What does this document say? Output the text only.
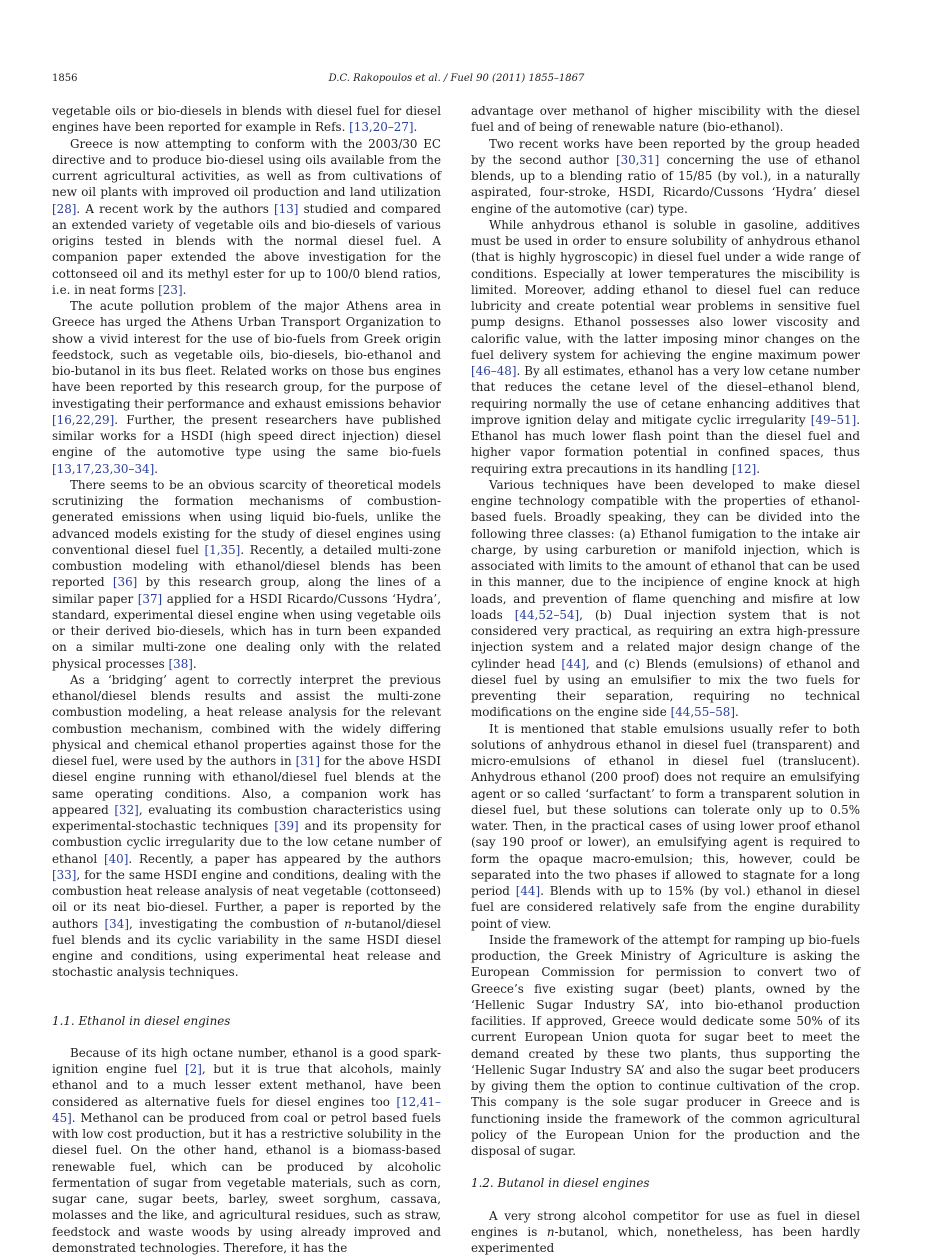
1856	D.C. Rakopoulos et al. / Fuel 90 (2011) 1855–1867

vegetable oils or bio-diesels in blends with diesel fuel for diesel engines have been reported for example in Refs. [13,20–27].

Greece is now attempting to conform with the 2003/30 EC directive and to produce bio-diesel using oils available from the current agricultural activities, as well as from cultivations of new oil plants with improved oil production and land utilization [28]. A recent work by the authors [13] studied and compared an extended variety of vegetable oils and bio-diesels of various origins tested in blends with the normal diesel fuel. A companion paper extended the above investigation for the cottonseed oil and its methyl ester for up to 100/0 blend ratios, i.e. in neat forms [23].

The acute pollution problem of the major Athens area in Greece has urged the Athens Urban Transport Organization to show a vivid interest for the use of bio-fuels from Greek origin feedstock, such as vegetable oils, bio-diesels, bio-ethanol and bio-butanol in its bus fleet. Related works on those bus engines have been reported by this research group, for the purpose of investigating their performance and exhaust emissions behavior [16,22,29]. Further, the present researchers have published similar works for a HSDI (high speed direct injection) diesel engine of the automotive type using the same bio-fuels [13,17,23,30–34].

There seems to be an obvious scarcity of theoretical models scrutinizing the formation mechanisms of combustion-generated emissions when using liquid bio-fuels, unlike the advanced models existing for the study of diesel engines using conventional diesel fuel [1,35]. Recently, a detailed multi-zone combustion modeling with ethanol/diesel blends has been reported [36] by this research group, along the lines of a similar paper [37] applied for a HSDI Ricardo/Cussons ‘Hydra’, standard, experimental diesel engine when using vegetable oils or their derived bio-diesels, which has in turn been expanded on a similar multi-zone one dealing only with the related physical processes [38].

As a ‘bridging’ agent to correctly interpret the previous ethanol/diesel blends results and assist the multi-zone combustion modeling, a heat release analysis for the relevant combustion mechanism, combined with the widely differing physical and chemical ethanol properties against those for the diesel fuel, were used by the authors in [31] for the above HSDI diesel engine running with ethanol/diesel fuel blends at the same operating conditions. Also, a companion work has appeared [32], evaluating its combustion characteristics using experimental-stochastic techniques [39] and its propensity for combustion cyclic irregularity due to the low cetane number of ethanol [40]. Recently, a paper has appeared by the authors [33], for the same HSDI engine and conditions, dealing with the combustion heat release analysis of neat vegetable (cottonseed) oil or its neat bio-diesel. Further, a paper is reported by the authors [34], investigating the combustion of n-butanol/diesel fuel blends and its cyclic variability in the same HSDI diesel engine and conditions, using experimental heat release and stochastic analysis techniques.

1.1. Ethanol in diesel engines

Because of its high octane number, ethanol is a good spark-ignition engine fuel [2], but it is true that alcohols, mainly ethanol and to a much lesser extent methanol, have been considered as alternative fuels for diesel engines too [12,41–45]. Methanol can be produced from coal or petrol based fuels with low cost production, but it has a restrictive solubility in the diesel fuel. On the other hand, ethanol is a biomass-based renewable fuel, which can be produced by alcoholic fermentation of sugar from vegetable materials, such as corn, sugar cane, sugar beets, barley, sweet sorghum, cassava, molasses and the like, and agricultural residues, such as straw, feedstock and waste woods by using already improved and demonstrated technologies. Therefore, it has the

advantage over methanol of higher miscibility with the diesel fuel and of being of renewable nature (bio-ethanol).

Two recent works have been reported by the group headed by the second author [30,31] concerning the use of ethanol blends, up to a blending ratio of 15/85 (by vol.), in a naturally aspirated, four-stroke, HSDI, Ricardo/Cussons ‘Hydra’ diesel engine of the automotive (car) type.

While anhydrous ethanol is soluble in gasoline, additives must be used in order to ensure solubility of anhydrous ethanol (that is highly hygroscopic) in diesel fuel under a wide range of conditions. Especially at lower temperatures the miscibility is limited. Moreover, adding ethanol to diesel fuel can reduce lubricity and create potential wear problems in sensitive fuel pump designs. Ethanol possesses also lower viscosity and calorific value, with the latter imposing minor changes on the fuel delivery system for achieving the engine maximum power [46–48]. By all estimates, ethanol has a very low cetane number that reduces the cetane level of the diesel–ethanol blend, requiring normally the use of cetane enhancing additives that improve ignition delay and mitigate cyclic irregularity [49–51]. Ethanol has much lower flash point than the diesel fuel and higher vapor formation potential in confined spaces, thus requiring extra precautions in its handling [12].

Various techniques have been developed to make diesel engine technology compatible with the properties of ethanol-based fuels. Broadly speaking, they can be divided into the following three classes: (a) Ethanol fumigation to the intake air charge, by using carburetion or manifold injection, which is associated with limits to the amount of ethanol that can be used in this manner, due to the incipience of engine knock at high loads, and prevention of flame quenching and misfire at low loads [44,52–54], (b) Dual injection system that is not considered very practical, as requiring an extra high-pressure injection system and a related major design change of the cylinder head [44], and (c) Blends (emulsions) of ethanol and diesel fuel by using an emulsifier to mix the two fuels for preventing their separation, requiring no technical modifications on the engine side [44,55–58].

It is mentioned that stable emulsions usually refer to both solutions of anhydrous ethanol in diesel fuel (transparent) and micro-emulsions of ethanol in diesel fuel (translucent). Anhydrous ethanol (200 proof) does not require an emulsifying agent or so called ‘surfactant’ to form a transparent solution in diesel fuel, but these solutions can tolerate only up to 0.5% water. Then, in the practical cases of using lower proof ethanol (say 190 proof or lower), an emulsifying agent is required to form the opaque macro-emulsion; this, however, could be separated into the two phases if allowed to stagnate for a long period [44]. Blends with up to 15% (by vol.) ethanol in diesel fuel are considered relatively safe from the engine durability point of view.

Inside the framework of the attempt for ramping up bio-fuels production, the Greek Ministry of Agriculture is asking the European Commission for permission to convert two of Greece’s five existing sugar (beet) plants, owned by the ‘Hellenic Sugar Industry SA’, into bio-ethanol production facilities. If approved, Greece would dedicate some 50% of its current European Union quota for sugar beet to meet the demand created by these two plants, thus supporting the ‘Hellenic Sugar Industry SA’ and also the sugar beet producers by giving them the option to continue cultivation of the crop. This company is the sole sugar producer in Greece and is functioning inside the framework of the common agricultural policy of the European Union for the production and the disposal of sugar.

1.2. Butanol in diesel engines

A very strong alcohol competitor for use as fuel in diesel engines is n-butanol, which, nonetheless, has been hardly experimented
